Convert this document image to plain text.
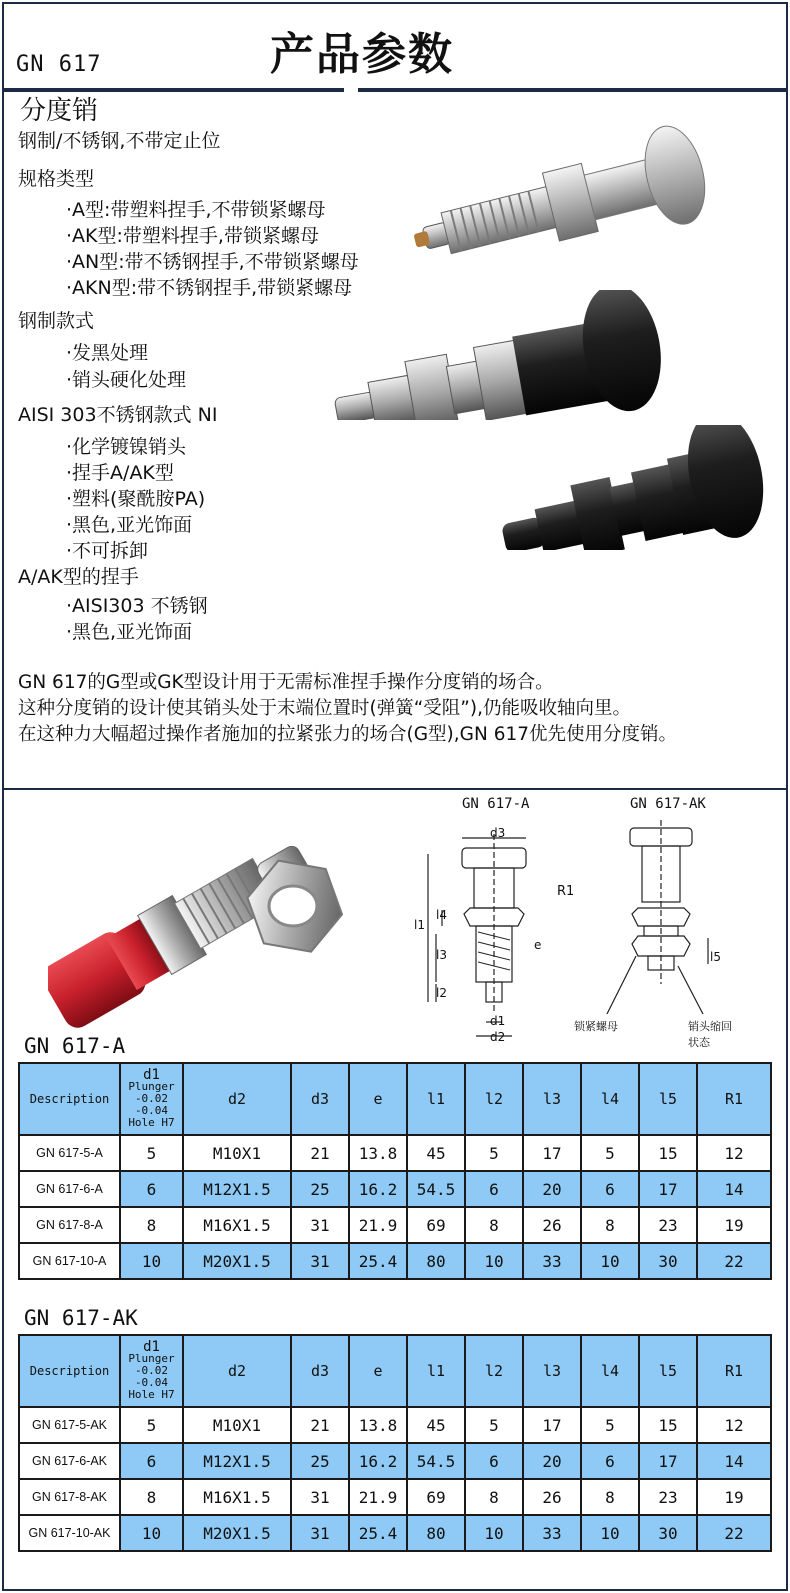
GN 617	产品参数
分度销
钢制/不锈钢,不带定止位
规格类型
·A型:带塑料捏手,不带锁紧螺母
·AK型:带塑料捏手,带锁紧螺母
·AN型:带不锈钢捏手,不带锁紧螺母
·AKN型:带不锈钢捏手,带锁紧螺母
钢制款式
·发黑处理
·销头硬化处理
AISI 303不锈钢款式 NI
·化学镀镍销头
·捏手A/AK型
·塑料(聚酰胺PA)
·黑色,亚光饰面
·不可拆卸
A/AK型的捏手
·AISI303 不锈钢
·黑色,亚光饰面
GN 617的G型或GK型设计用于无需标准捏手操作分度销的场合。
这种分度销的设计使其销头处于末端位置时(弹簧“受阻”),仍能吸收轴向里。
在这种力大幅超过操作者施加的拉紧张力的场合(G型),GN 617优先使用分度销。
GN 617-A	GN 617-AK
d3
R1
e
l1
l4
l3
l2
d1
d2
l5
锁紧螺母	销头缩回
状态
GN 617-A
Description	d1
Plunger
-0.02
-0.04
Hole H7	d2	d3	e	l1	l2	l3	l4	l5	R1
GN 617-5-A	5	M10X1	21	13.8	45	5	17	5	15	12
GN 617-6-A	6	M12X1.5	25	16.2	54.5	6	20	6	17	14
GN 617-8-A	8	M16X1.5	31	21.9	69	8	26	8	23	19
GN 617-10-A	10	M20X1.5	31	25.4	80	10	33	10	30	22
GN 617-AK
Description	d1
Plunger
-0.02
-0.04
Hole H7	d2	d3	e	l1	l2	l3	l4	l5	R1
GN 617-5-AK	5	M10X1	21	13.8	45	5	17	5	15	12
GN 617-6-AK	6	M12X1.5	25	16.2	54.5	6	20	6	17	14
GN 617-8-AK	8	M16X1.5	31	21.9	69	8	26	8	23	19
GN 617-10-AK	10	M20X1.5	31	25.4	80	10	33	10	30	22
